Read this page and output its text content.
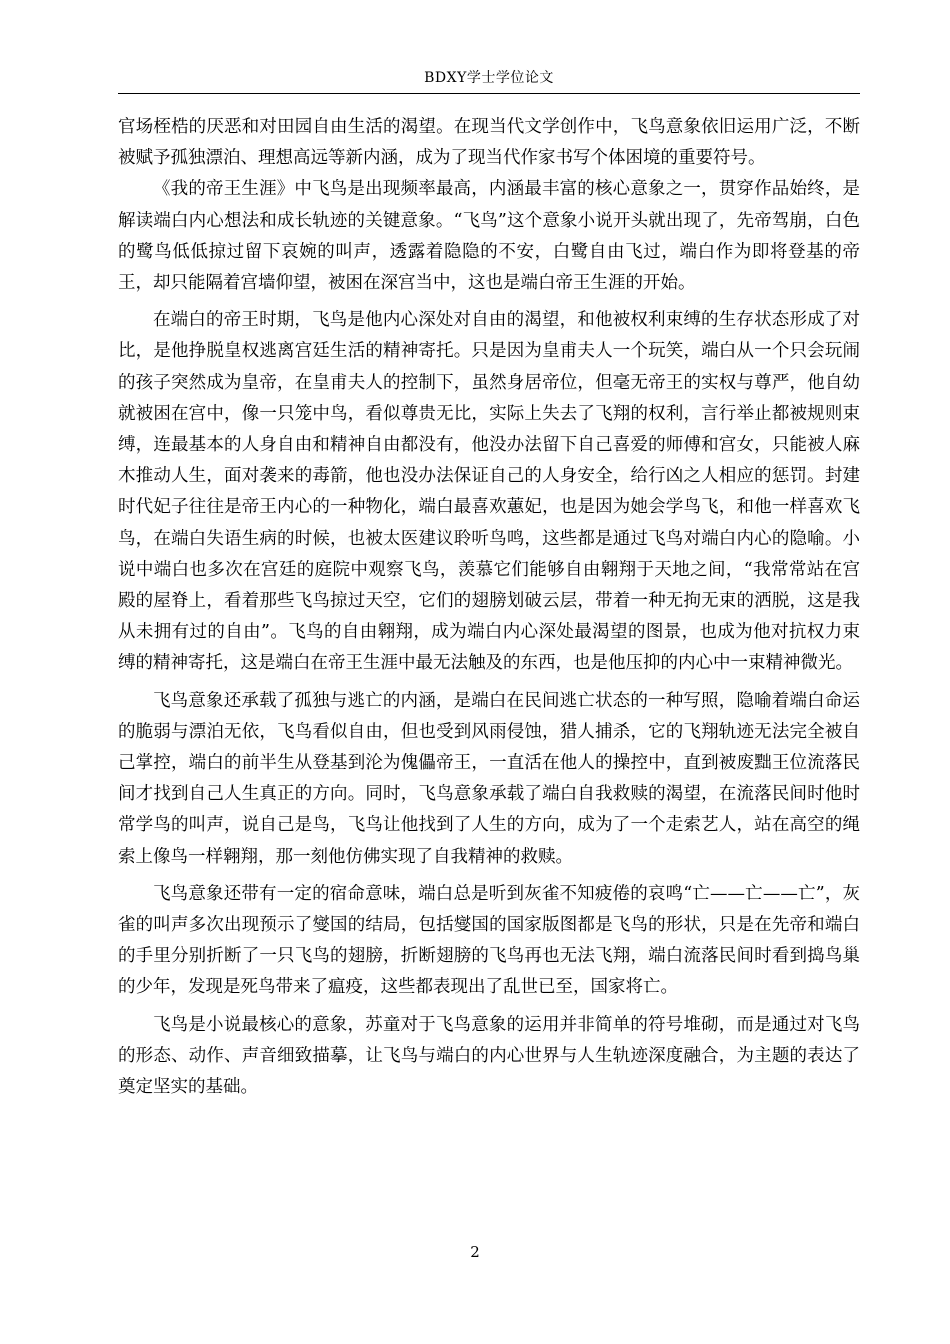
BDXY学士学位论文

官场桎梏的厌恶和对田园自由生活的渴望。在现当代文学创作中，飞鸟意象依旧运用广泛，不断被赋予孤独漂泊、理想高远等新内涵，成为了现当代作家书写个体困境的重要符号。

《我的帝王生涯》中飞鸟是出现频率最高，内涵最丰富的核心意象之一，贯穿作品始终，是解读端白内心想法和成长轨迹的关键意象。“飞鸟”这个意象小说开头就出现了，先帝驾崩，白色的鹭鸟低低掠过留下哀婉的叫声，透露着隐隐的不安，白鹭自由飞过，端白作为即将登基的帝王，却只能隔着宫墙仰望，被困在深宫当中，这也是端白帝王生涯的开始。

在端白的帝王时期，飞鸟是他内心深处对自由的渴望，和他被权利束缚的生存状态形成了对比，是他挣脱皇权逃离宫廷生活的精神寄托。只是因为皇甫夫人一个玩笑，端白从一个只会玩闹的孩子突然成为皇帝，在皇甫夫人的控制下，虽然身居帝位，但毫无帝王的实权与尊严，他自幼就被困在宫中，像一只笼中鸟，看似尊贵无比，实际上失去了飞翔的权利，言行举止都被规则束缚，连最基本的人身自由和精神自由都没有，他没办法留下自己喜爱的师傅和宫女，只能被人麻木推动人生，面对袭来的毒箭，他也没办法保证自己的人身安全，给行凶之人相应的惩罚。封建时代妃子往往是帝王内心的一种物化，端白最喜欢蕙妃，也是因为她会学鸟飞，和他一样喜欢飞鸟，在端白失语生病的时候，也被太医建议聆听鸟鸣，这些都是通过飞鸟对端白内心的隐喻。小说中端白也多次在宫廷的庭院中观察飞鸟，羡慕它们能够自由翱翔于天地之间，“我常常站在宫殿的屋脊上，看着那些飞鸟掠过天空，它们的翅膀划破云层，带着一种无拘无束的洒脱，这是我从未拥有过的自由”。飞鸟的自由翱翔，成为端白内心深处最渴望的图景，也成为他对抗权力束缚的精神寄托，这是端白在帝王生涯中最无法触及的东西，也是他压抑的内心中一束精神微光。

飞鸟意象还承载了孤独与逃亡的内涵，是端白在民间逃亡状态的一种写照，隐喻着端白命运的脆弱与漂泊无依，飞鸟看似自由，但也受到风雨侵蚀，猎人捕杀，它的飞翔轨迹无法完全被自己掌控，端白的前半生从登基到沦为傀儡帝王，一直活在他人的操控中，直到被废黜王位流落民间才找到自己人生真正的方向。同时，飞鸟意象承载了端白自我救赎的渴望，在流落民间时他时常学鸟的叫声，说自己是鸟，飞鸟让他找到了人生的方向，成为了一个走索艺人，站在高空的绳索上像鸟一样翱翔，那一刻他仿佛实现了自我精神的救赎。

飞鸟意象还带有一定的宿命意味，端白总是听到灰雀不知疲倦的哀鸣“亡——亡——亡”，灰雀的叫声多次出现预示了燮国的结局，包括燮国的国家版图都是飞鸟的形状，只是在先帝和端白的手里分别折断了一只飞鸟的翅膀，折断翅膀的飞鸟再也无法飞翔，端白流落民间时看到捣鸟巢的少年，发现是死鸟带来了瘟疫，这些都表现出了乱世已至，国家将亡。

飞鸟是小说最核心的意象，苏童对于飞鸟意象的运用并非简单的符号堆砌，而是通过对飞鸟的形态、动作、声音细致描摹，让飞鸟与端白的内心世界与人生轨迹深度融合，为主题的表达了奠定坚实的基础。

2
